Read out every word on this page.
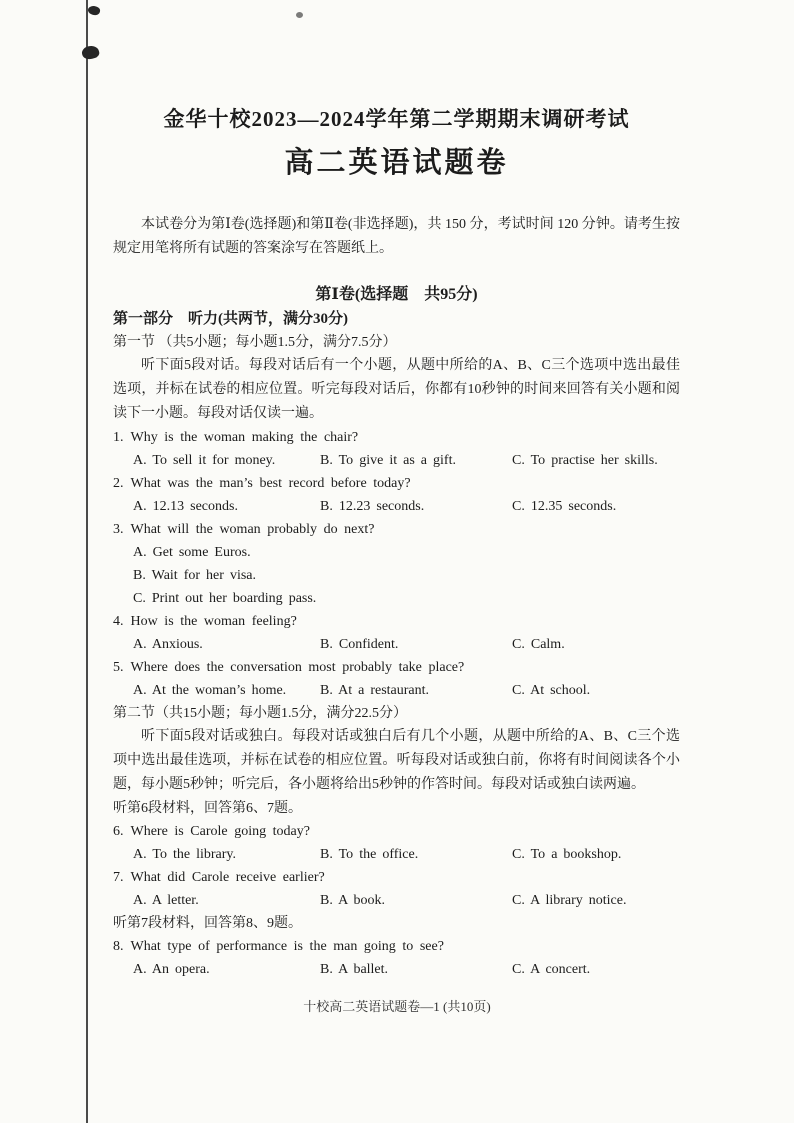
金华十校2023—2024学年第二学期期末调研考试
高二英语试题卷

本试卷分为第Ⅰ卷(选择题)和第Ⅱ卷(非选择题)，共 150 分，考试时间 120 分钟。请考生按规定用笔将所有试题的答案涂写在答题纸上。

第Ⅰ卷(选择题　共95分)

第一部分　听力(共两节，满分30分)

第一节 （共5小题；每小题1.5分，满分7.5分）

听下面5段对话。每段对话后有一个小题，从题中所给的A、B、C三个选项中选出最佳选项，并标在试卷的相应位置。听完每段对话后，你都有10秒钟的时间来回答有关小题和阅读下一小题。每段对话仅读一遍。

1. Why is the woman making the chair?
A. To sell it for money.	B. To give it as a gift.	C. To practise her skills.
2. What was the man’s best record before today?
A. 12.13 seconds.	B. 12.23 seconds.	C. 12.35 seconds.
3. What will the woman probably do next?
A. Get some Euros.
B. Wait for her visa.
C. Print out her boarding pass.
4. How is the woman feeling?
A. Anxious.	B. Confident.	C. Calm.
5. Where does the conversation most probably take place?
A. At the woman’s home.	B. At a restaurant.	C. At school.

第二节（共15小题；每小题1.5分，满分22.5分）

听下面5段对话或独白。每段对话或独白后有几个小题，从题中所给的A、B、C三个选项中选出最佳选项，并标在试卷的相应位置。听每段对话或独白前，你将有时间阅读各个小题，每小题5秒钟；听完后，各小题将给出5秒钟的作答时间。每段对话或独白读两遍。

听第6段材料，回答第6、7题。

6. Where is Carole going today?
A. To the library.	B. To the office.	C. To a bookshop.
7. What did Carole receive earlier?
A. A letter.	B. A book.	C. A library notice.

听第7段材料，回答第8、9题。

8. What type of performance is the man going to see?
A. An opera.	B. A ballet.	C. A concert.
十校高二英语试题卷—1 (共10页)
